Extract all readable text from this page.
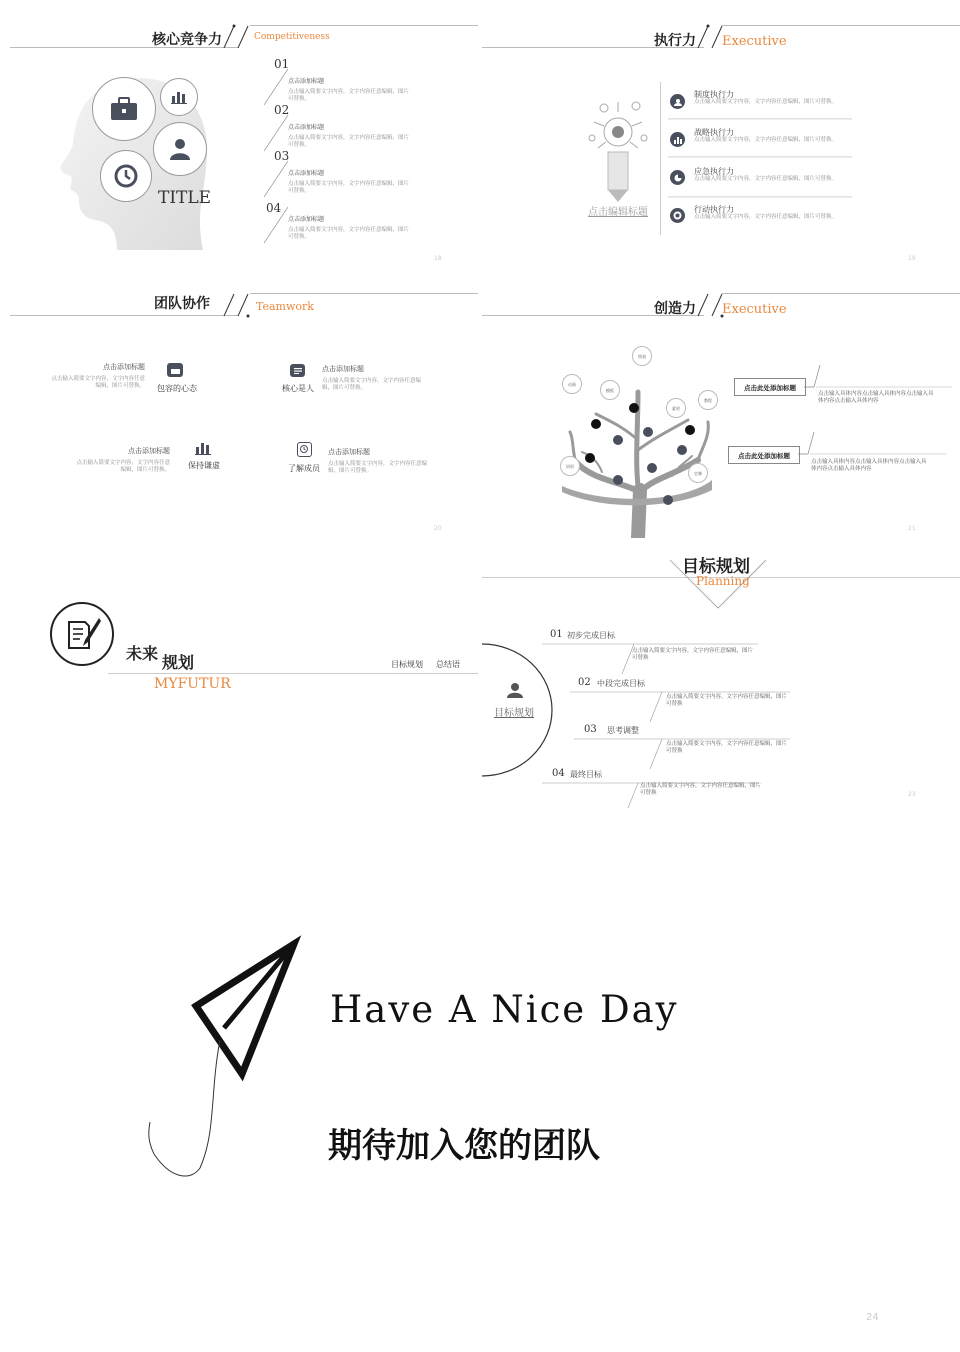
核心竞争力	Competitiveness
TITLE
01
点击添加标题
点击输入简要文字内容，文字内容任意编辑，图片可替换。
02
点击添加标题
点击输入简要文字内容，文字内容任意编辑，图片可替换。
03
点击添加标题
点击输入简要文字内容，文字内容任意编辑，图片可替换。
04
点击添加标题
点击输入简要文字内容，文字内容任意编辑，图片可替换。
18
执行力 Executive
点击编辑标题
制度执行力
点击输入简要文字内容，文字内容任意编辑，图片可替换。
战略执行力
点击输入简要文字内容，文字内容任意编辑，图片可替换。
应急执行力
点击输入简要文字内容，文字内容任意编辑，图片可替换。
行动执行力
点击输入简要文字内容，文字内容任意编辑，图片可替换。
19
团队协作	Teamwork
点击添加标题
点击输入简要文字内容，文字内容任意编辑，图片可替换。 包容的心态
点击添加标题
点击输入简要文字内容，文字内容任意编辑，图片可替换。
核心是人
点击添加标题
点击输入简要文字内容，文字内容任意编辑，图片可替换。 保持谦虚
点击添加标题
点击输入简要文字内容，文字内容任意编辑，图片可替换。
了解成员
20
创造力 Executive
图表
模板
动画
素材
教程
培训
定制
点击此处添加标题
点击输入具体内容点击输入具体内容点击输入具体内容点击输入具体内容
点击此处添加标题
点击输入具体内容点击输入具体内容点击输入具体内容点击输入具体内容
21
未来 规划
MYFUTUR
目标规划 总结语
目标规划
Planning
目标规划
01 初步完成目标
点击输入简要文字内容，文字内容任意编辑，图片可替换
02 中段完成目标
点击输入简要文字内容，文字内容任意编辑，图片可替换
03 思考调整
点击输入简要文字内容，文字内容任意编辑，图片可替换
04 最终目标
点击输入简要文字内容，文字内容任意编辑，图片可替换	23
Have A Nice Day
期待加入您的团队
24
